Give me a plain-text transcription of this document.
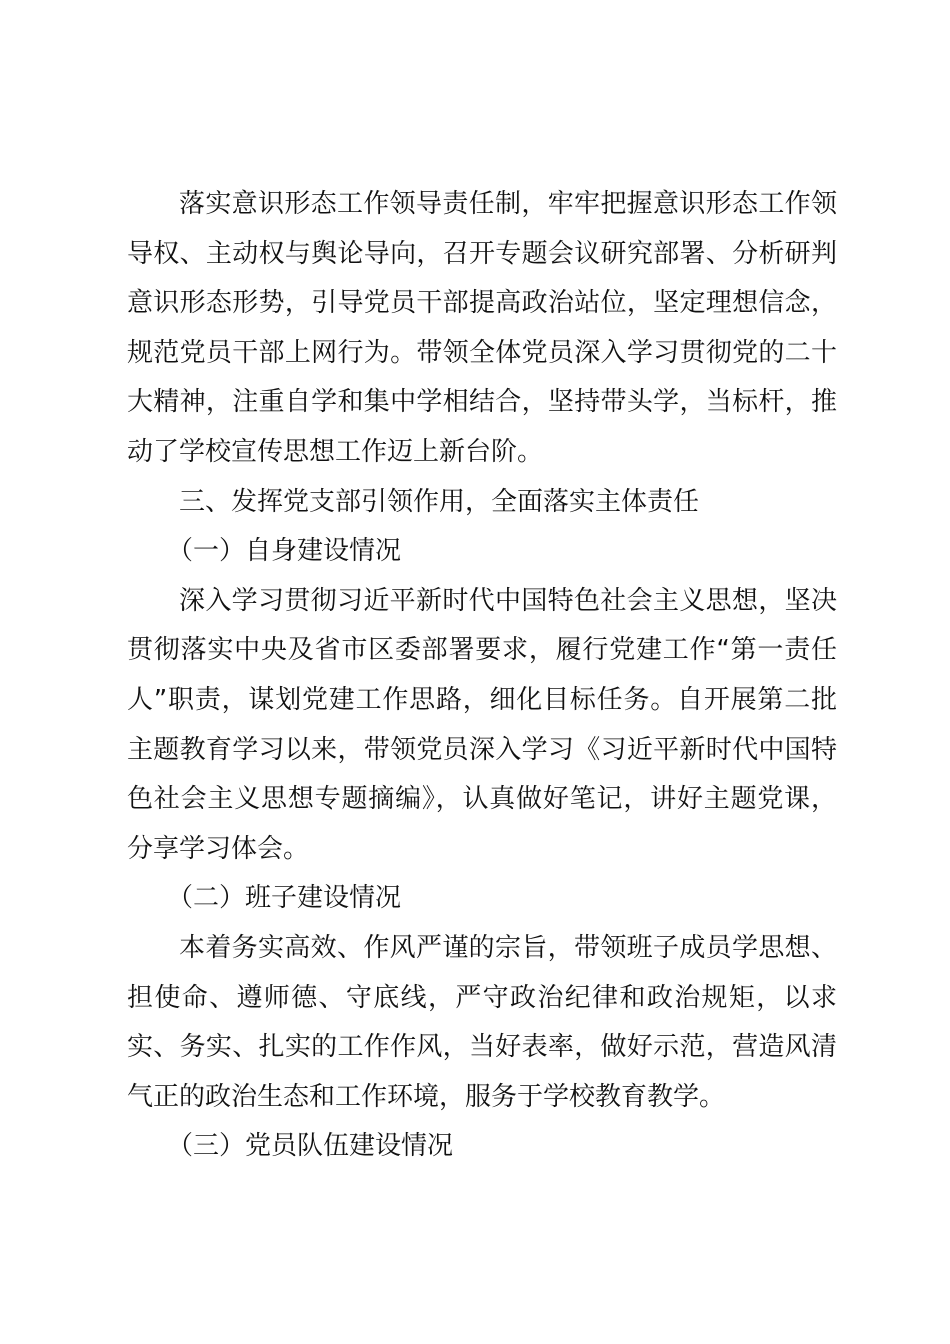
落实意识形态工作领导责任制，牢牢把握意识形态工作领导权、主动权与舆论导向，召开专题会议研究部署、分析研判意识形态形势，引导党员干部提高政治站位，坚定理想信念，规范党员干部上网行为。带领全体党员深入学习贯彻党的二十大精神，注重自学和集中学相结合，坚持带头学，当标杆，推动了学校宣传思想工作迈上新台阶。

三、发挥党支部引领作用，全面落实主体责任

（一）自身建设情况

深入学习贯彻习近平新时代中国特色社会主义思想，坚决贯彻落实中央及省市区委部署要求，履行党建工作“第一责任人”职责，谋划党建工作思路，细化目标任务。自开展第二批主题教育学习以来，带领党员深入学习《习近平新时代中国特色社会主义思想专题摘编》，认真做好笔记，讲好主题党课，分享学习体会。

（二）班子建设情况

本着务实高效、作风严谨的宗旨，带领班子成员学思想、担使命、遵师德、守底线，严守政治纪律和政治规矩，以求实、务实、扎实的工作作风，当好表率，做好示范，营造风清气正的政治生态和工作环境，服务于学校教育教学。

（三）党员队伍建设情况
